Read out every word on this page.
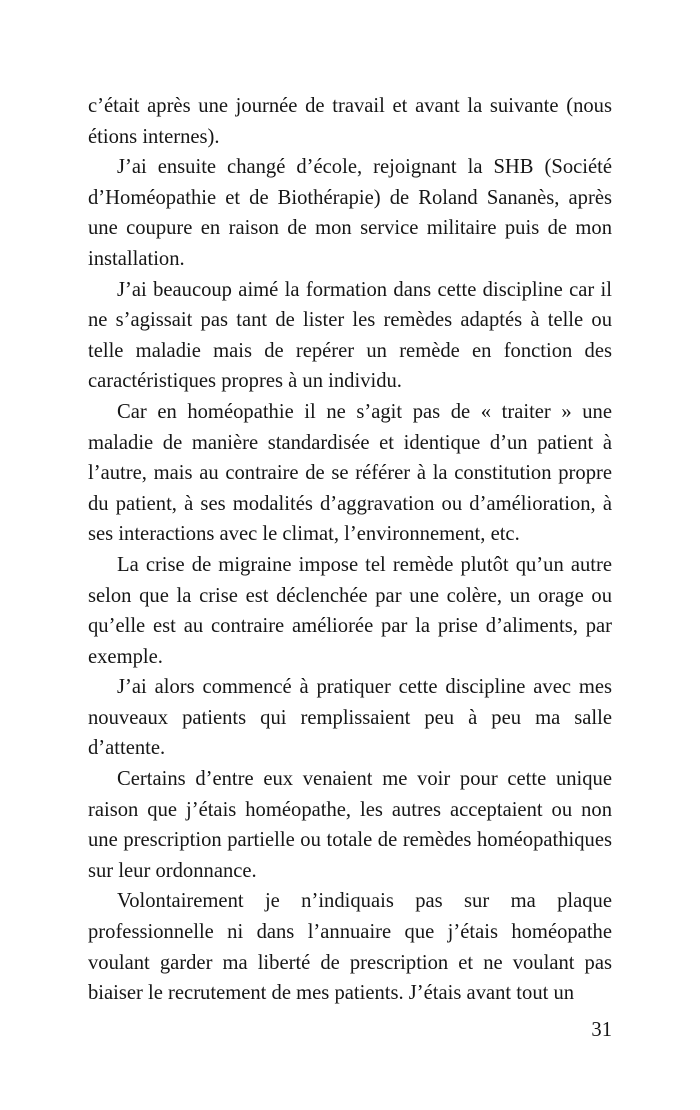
c’était après une journée de travail et avant la suivante (nous étions internes).

J’ai ensuite changé d’école, rejoignant la SHB (Société d’Homéopathie et de Biothérapie) de Roland Sananès, après une coupure en raison de mon service militaire puis de mon installation.

J’ai beaucoup aimé la formation dans cette discipline car il ne s’agissait pas tant de lister les remèdes adaptés à telle ou telle maladie mais de repérer un remède en fonction des caractéristiques propres à un individu.

Car en homéopathie il ne s’agit pas de « traiter » une maladie de manière standardisée et identique d’un patient à l’autre, mais au contraire de se référer à la constitution propre du patient, à ses modalités d’aggravation ou d’amélioration, à ses interactions avec le climat, l’environnement, etc.

La crise de migraine impose tel remède plutôt qu’un autre selon que la crise est déclenchée par une colère, un orage ou qu’elle est au contraire améliorée par la prise d’aliments, par exemple.

J’ai alors commencé à pratiquer cette discipline avec mes nouveaux patients qui remplissaient peu à peu ma salle d’attente.

Certains d’entre eux venaient me voir pour cette unique raison que j’étais homéopathe, les autres acceptaient ou non une prescription partielle ou totale de remèdes homéopathiques sur leur ordonnance.

Volontairement je n’indiquais pas sur ma plaque professionnelle ni dans l’annuaire que j’étais homéopathe voulant garder ma liberté de prescription et ne voulant pas biaiser le recrutement de mes patients. J’étais avant tout un

31
